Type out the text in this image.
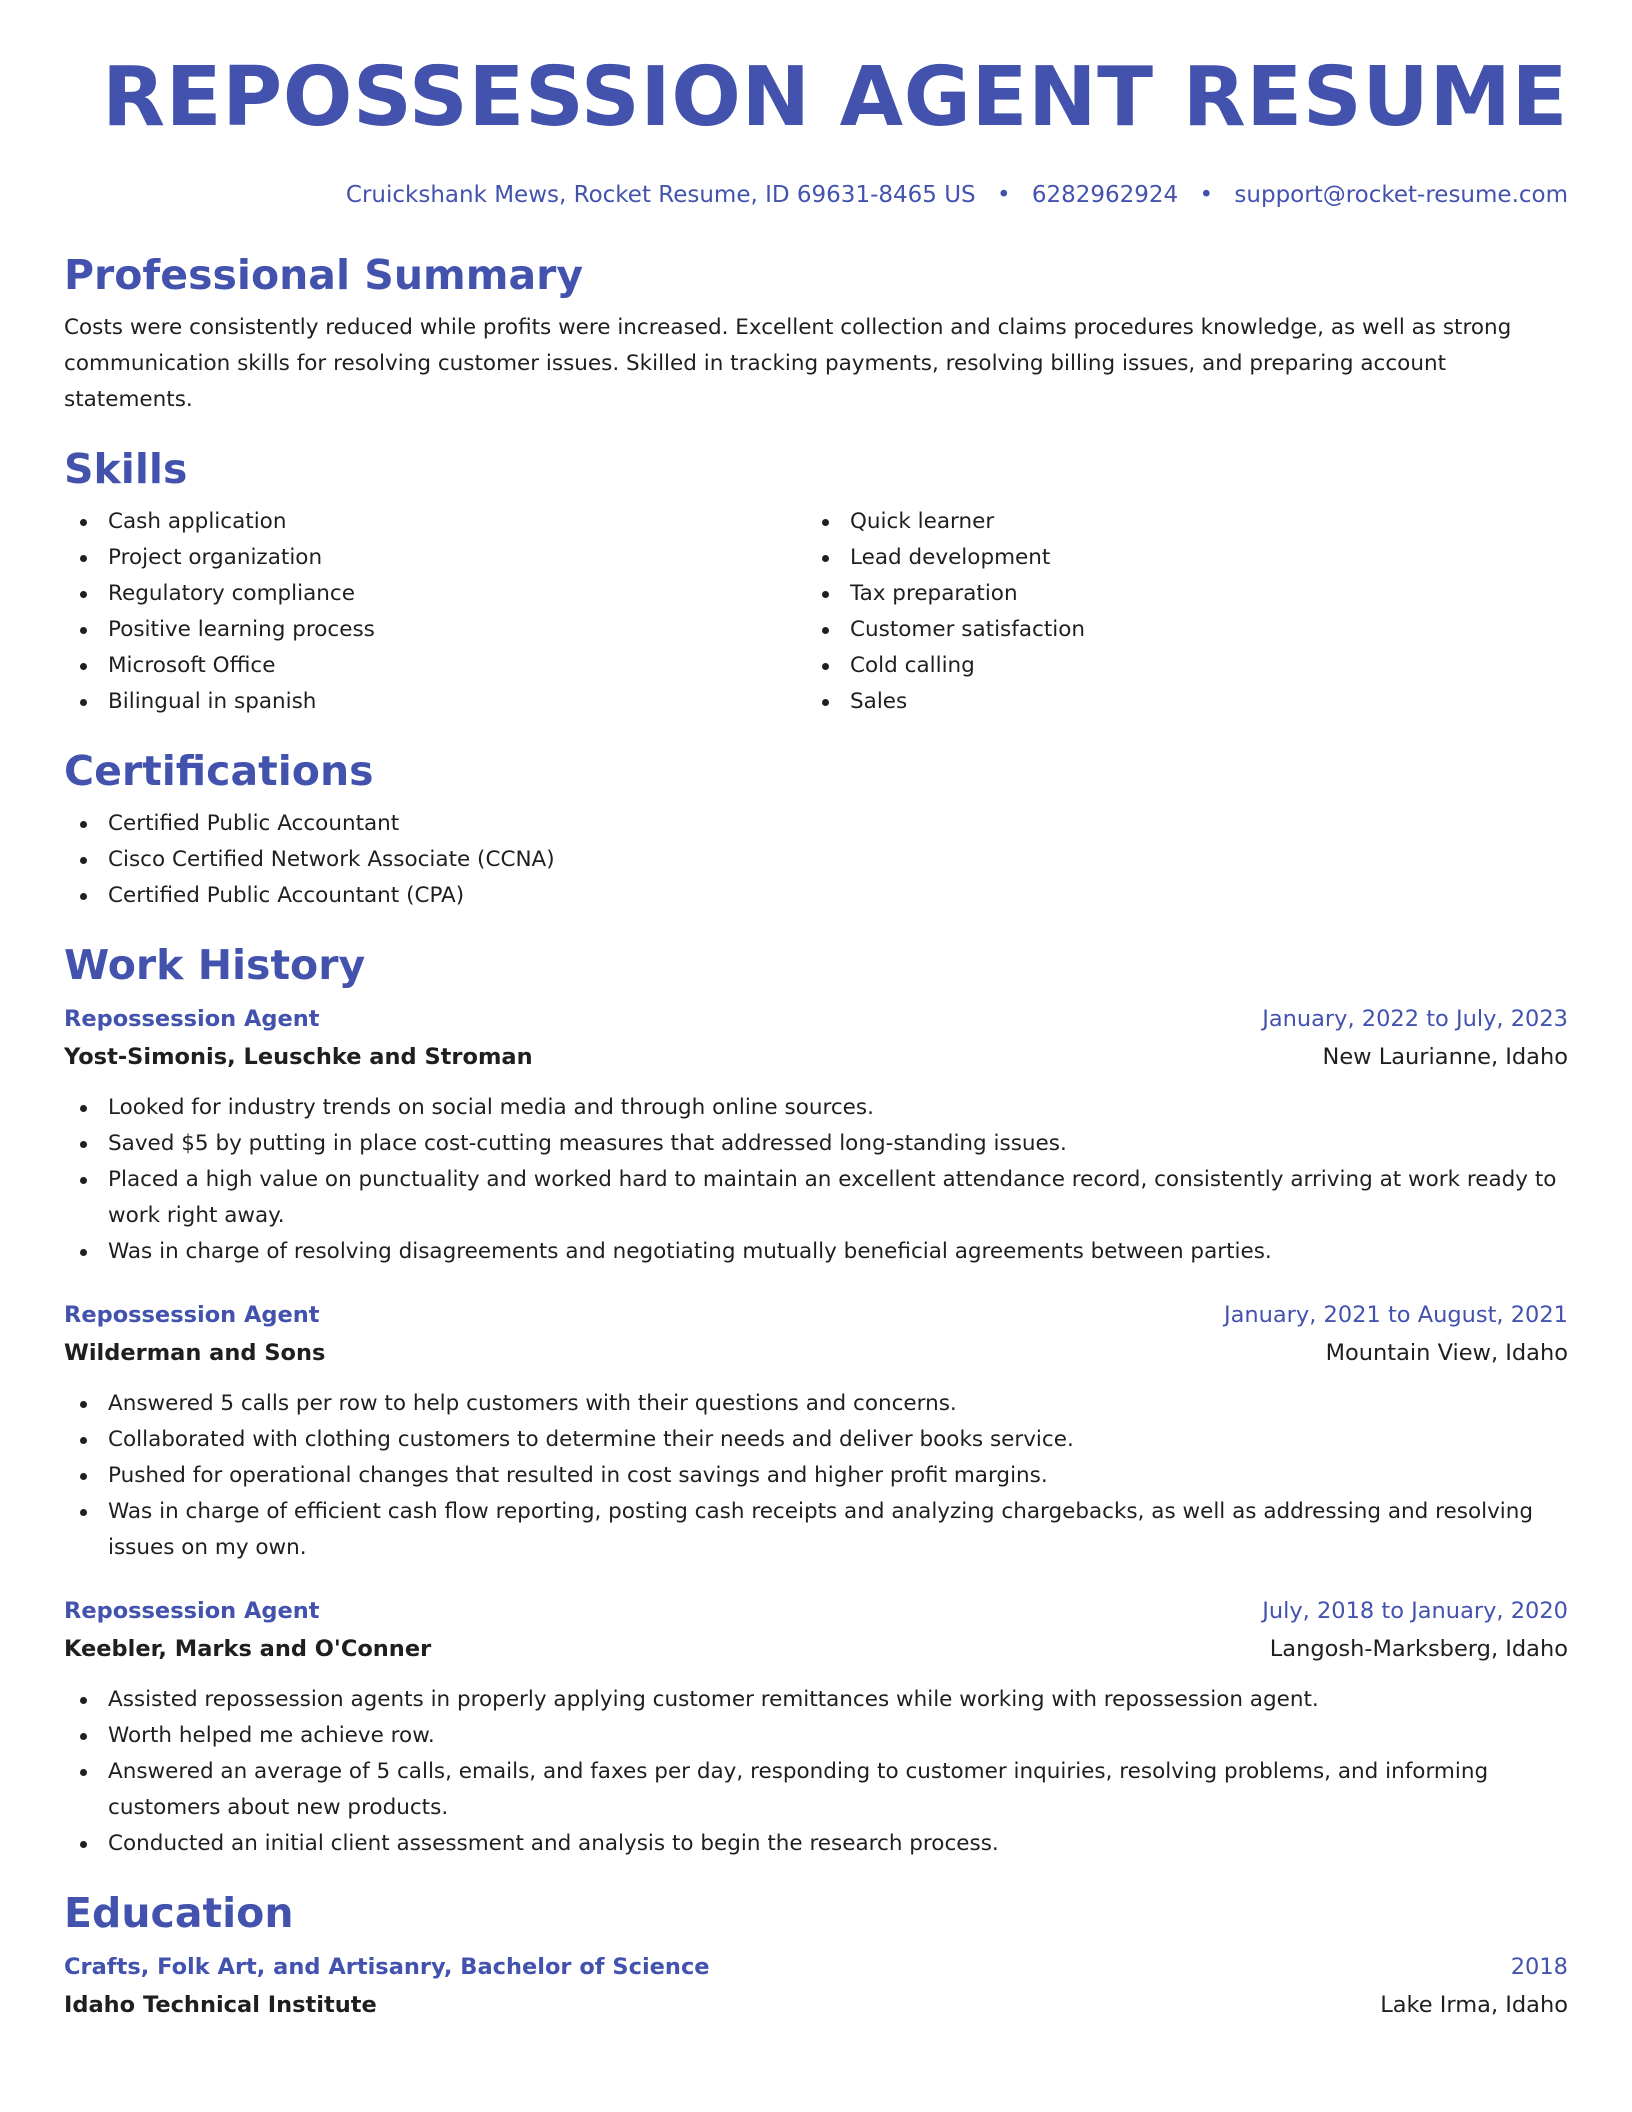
REPOSSESSION AGENT RESUME
Cruickshank Mews, Rocket Resume, ID 69631-8465 US • 6282962924 • support@rocket-resume.com
Professional Summary

Costs were consistently reduced while profits were increased. Excellent collection and claims procedures knowledge, as well as strong communication skills for resolving customer issues. Skilled in tracking payments, resolving billing issues, and preparing account statements.

Skills
Cash application
Project organization
Regulatory compliance
Positive learning process
Microsoft Office
Bilingual in spanish
Quick learner
Lead development
Tax preparation
Customer satisfaction
Cold calling
Sales
Certifications
Certified Public Accountant
Cisco Certified Network Associate (CCNA)
Certified Public Accountant (CPA)
Work History
Repossession Agent	January, 2022 to July, 2023
Yost-Simonis, Leuschke and Stroman	New Laurianne, Idaho
Looked for industry trends on social media and through online sources.
Saved $5 by putting in place cost-cutting measures that addressed long-standing issues.
Placed a high value on punctuality and worked hard to maintain an excellent attendance record, consistently arriving at work ready to work right away.
Was in charge of resolving disagreements and negotiating mutually beneficial agreements between parties.
Repossession Agent	January, 2021 to August, 2021
Wilderman and Sons	Mountain View, Idaho
Answered 5 calls per row to help customers with their questions and concerns.
Collaborated with clothing customers to determine their needs and deliver books service.
Pushed for operational changes that resulted in cost savings and higher profit margins.
Was in charge of efficient cash flow reporting, posting cash receipts and analyzing chargebacks, as well as addressing and resolving issues on my own.
Repossession Agent	July, 2018 to January, 2020
Keebler, Marks and O'Conner	Langosh-Marksberg, Idaho
Assisted repossession agents in properly applying customer remittances while working with repossession agent.
Worth helped me achieve row.
Answered an average of 5 calls, emails, and faxes per day, responding to customer inquiries, resolving problems, and informing customers about new products.
Conducted an initial client assessment and analysis to begin the research process.
Education
Crafts, Folk Art, and Artisanry, Bachelor of Science	2018
Idaho Technical Institute	Lake Irma, Idaho
